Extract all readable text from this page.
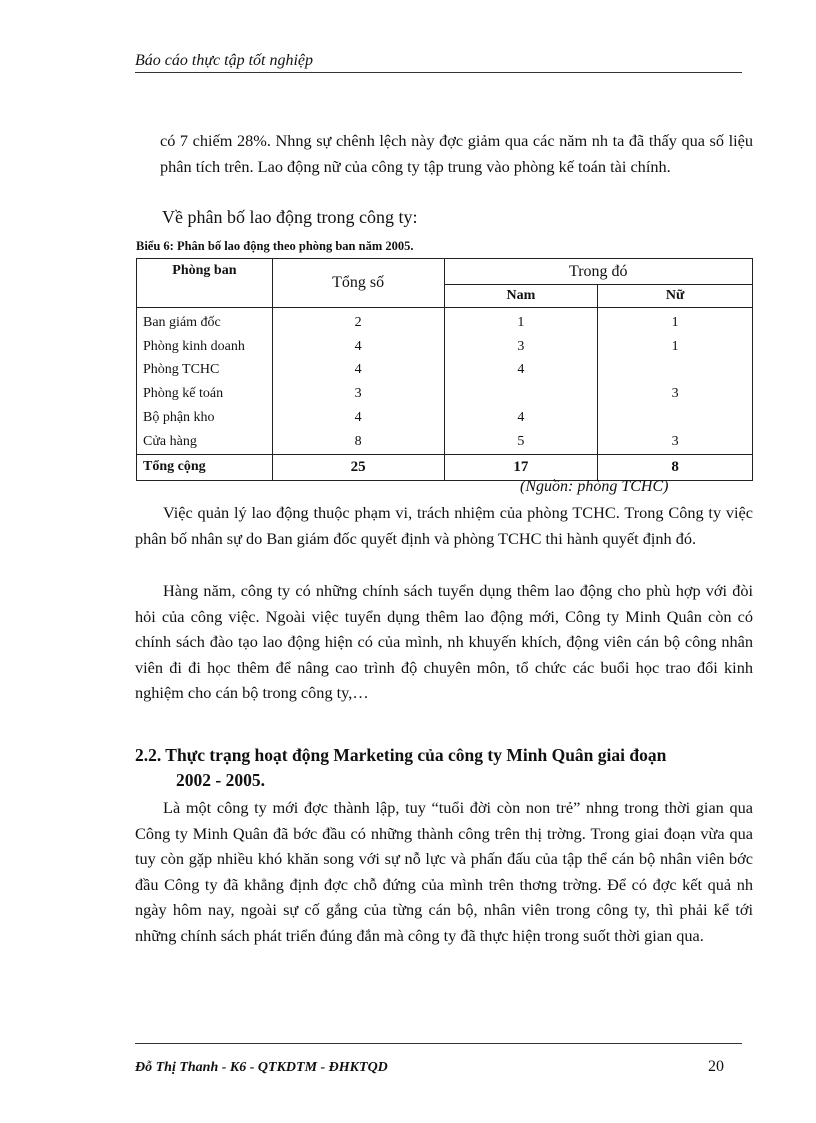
Báo cáo thực tập tốt nghiệp
có 7 chiếm 28%. Nhng sự chênh lệch này đợc giảm qua các năm nh ta đã thấy qua số liệu phân tích trên. Lao động nữ của công ty tập trung vào phòng kế toán tài chính.
Về phân bố lao động trong công ty:
Biểu 6: Phân bố lao động theo phòng ban năm 2005.
Phòng ban	Tổng số	Trong đó	
		Nam	Nữ
Ban giám đốc	2	1	1
Phòng kinh doanh	4	3	1
Phòng TCHC	4	4	
Phòng kế toán	3		3
Bộ phận kho	4	4	
Cửa hàng	8	5	3
Tổng cộng	25	17	8
(Nguồn: phòng TCHC)
Việc quản lý lao động thuộc phạm vi, trách nhiệm của phòng TCHC. Trong Công ty việc phân bố nhân sự do Ban giám đốc quyết định và phòng TCHC thi hành quyết định đó.
Hàng năm, công ty có những chính sách tuyển dụng thêm lao động cho phù hợp với đòi hỏi của công việc. Ngoài việc tuyển dụng thêm lao động mới, Công ty Minh Quân còn có chính sách đào tạo lao động hiện có của mình, nh khuyến khích, động viên cán bộ công nhân viên đi đi học thêm để nâng cao trình độ chuyên môn, tổ chức các buổi học trao đổi kinh nghiệm cho cán bộ trong công ty,…
2.2. Thực trạng hoạt động Marketing của công ty Minh Quân giai đoạn
2002 - 2005.
Là một công ty mới đợc thành lập, tuy “tuổi đời còn non trẻ” nhng trong thời gian qua Công ty Minh Quân đã bớc đầu có những thành công trên thị trờng. Trong giai đoạn vừa qua tuy còn gặp nhiều khó khăn song với sự nỗ lực và phấn đấu của tập thể cán bộ nhân viên bớc đầu Công ty đã khẳng định đợc chỗ đứng của mình trên thơng trờng. Để có đợc kết quả nh ngày hôm nay, ngoài sự cố gắng của từng cán bộ, nhân viên trong công ty, thì phải kể tới những chính sách phát triển đúng đắn mà công ty đã thực hiện trong suốt thời gian qua.
Đỗ Thị Thanh - K6 - QTKDTM - ĐHKTQD	20
